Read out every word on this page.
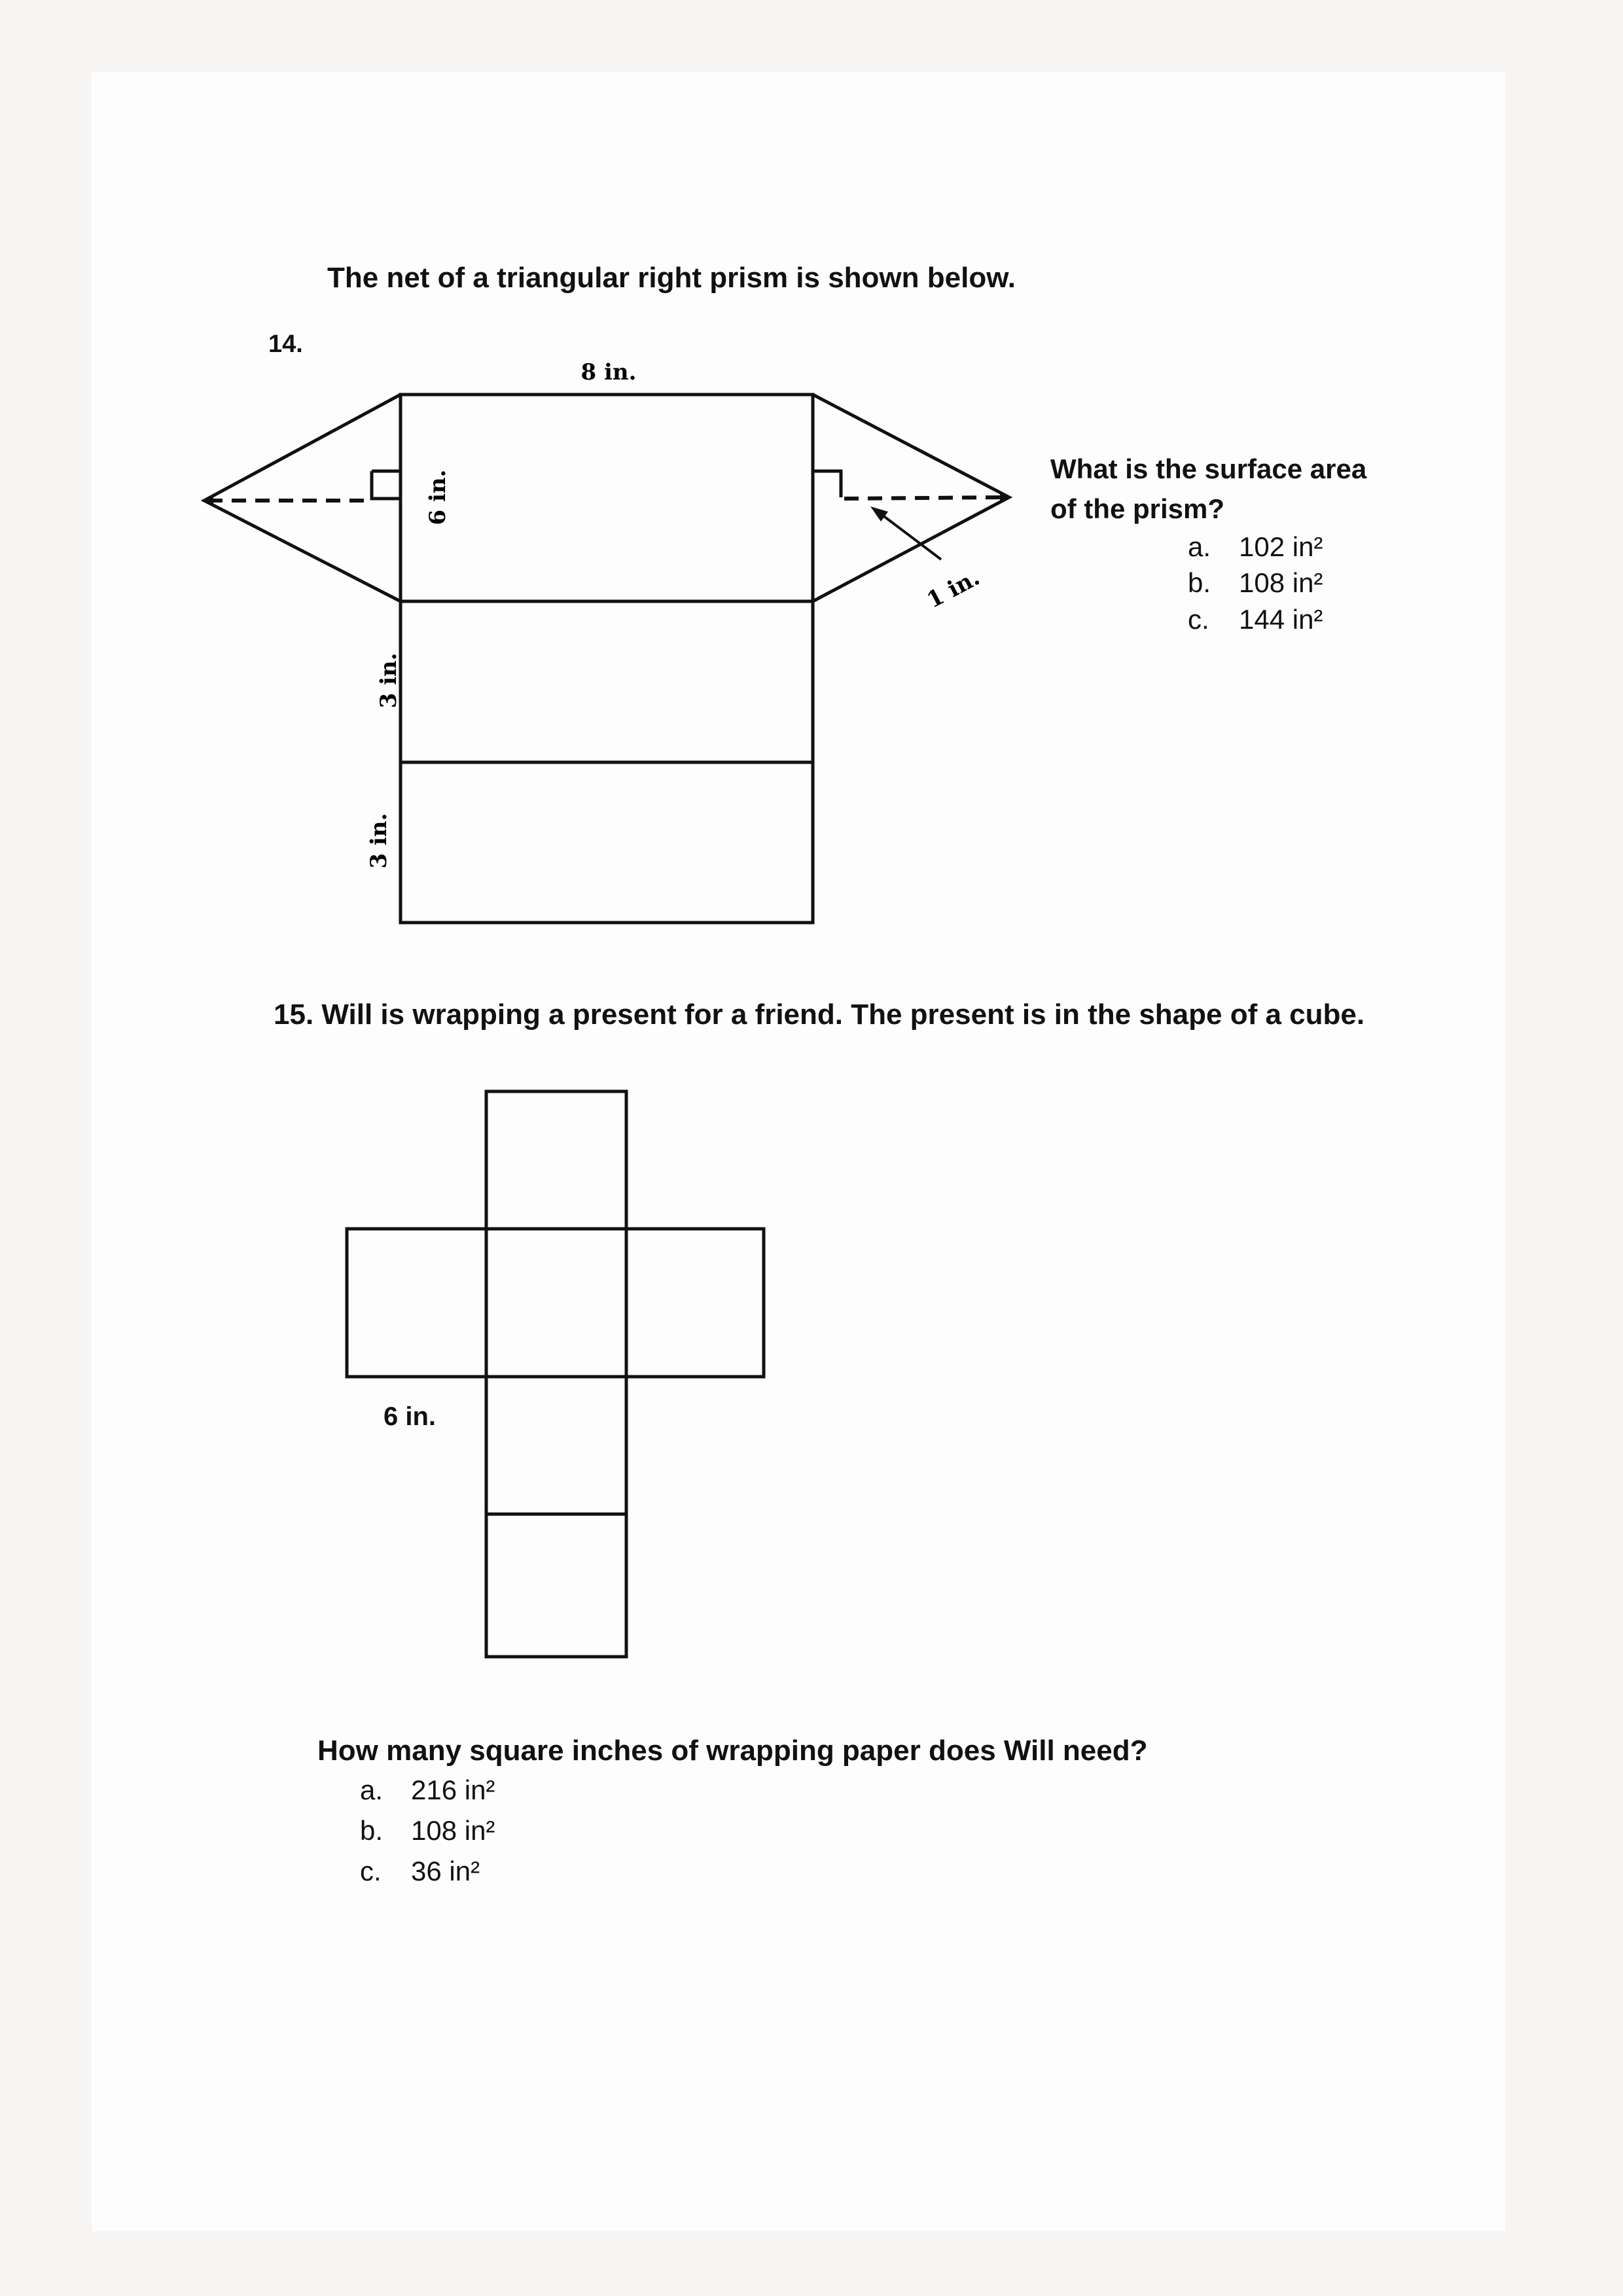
The net of a triangular right prism is shown below.

14.

8 in.
6 in.
3 in.
3 in.
1 in.

What is the surface area

of the prism?

a. 102 in²

b. 108 in²

c. 144 in²

15. Will is wrapping a present for a friend. The present is in the shape of a cube.

6 in.

How many square inches of wrapping paper does Will need?

a. 216 in²

b. 108 in²

c. 36 in²
